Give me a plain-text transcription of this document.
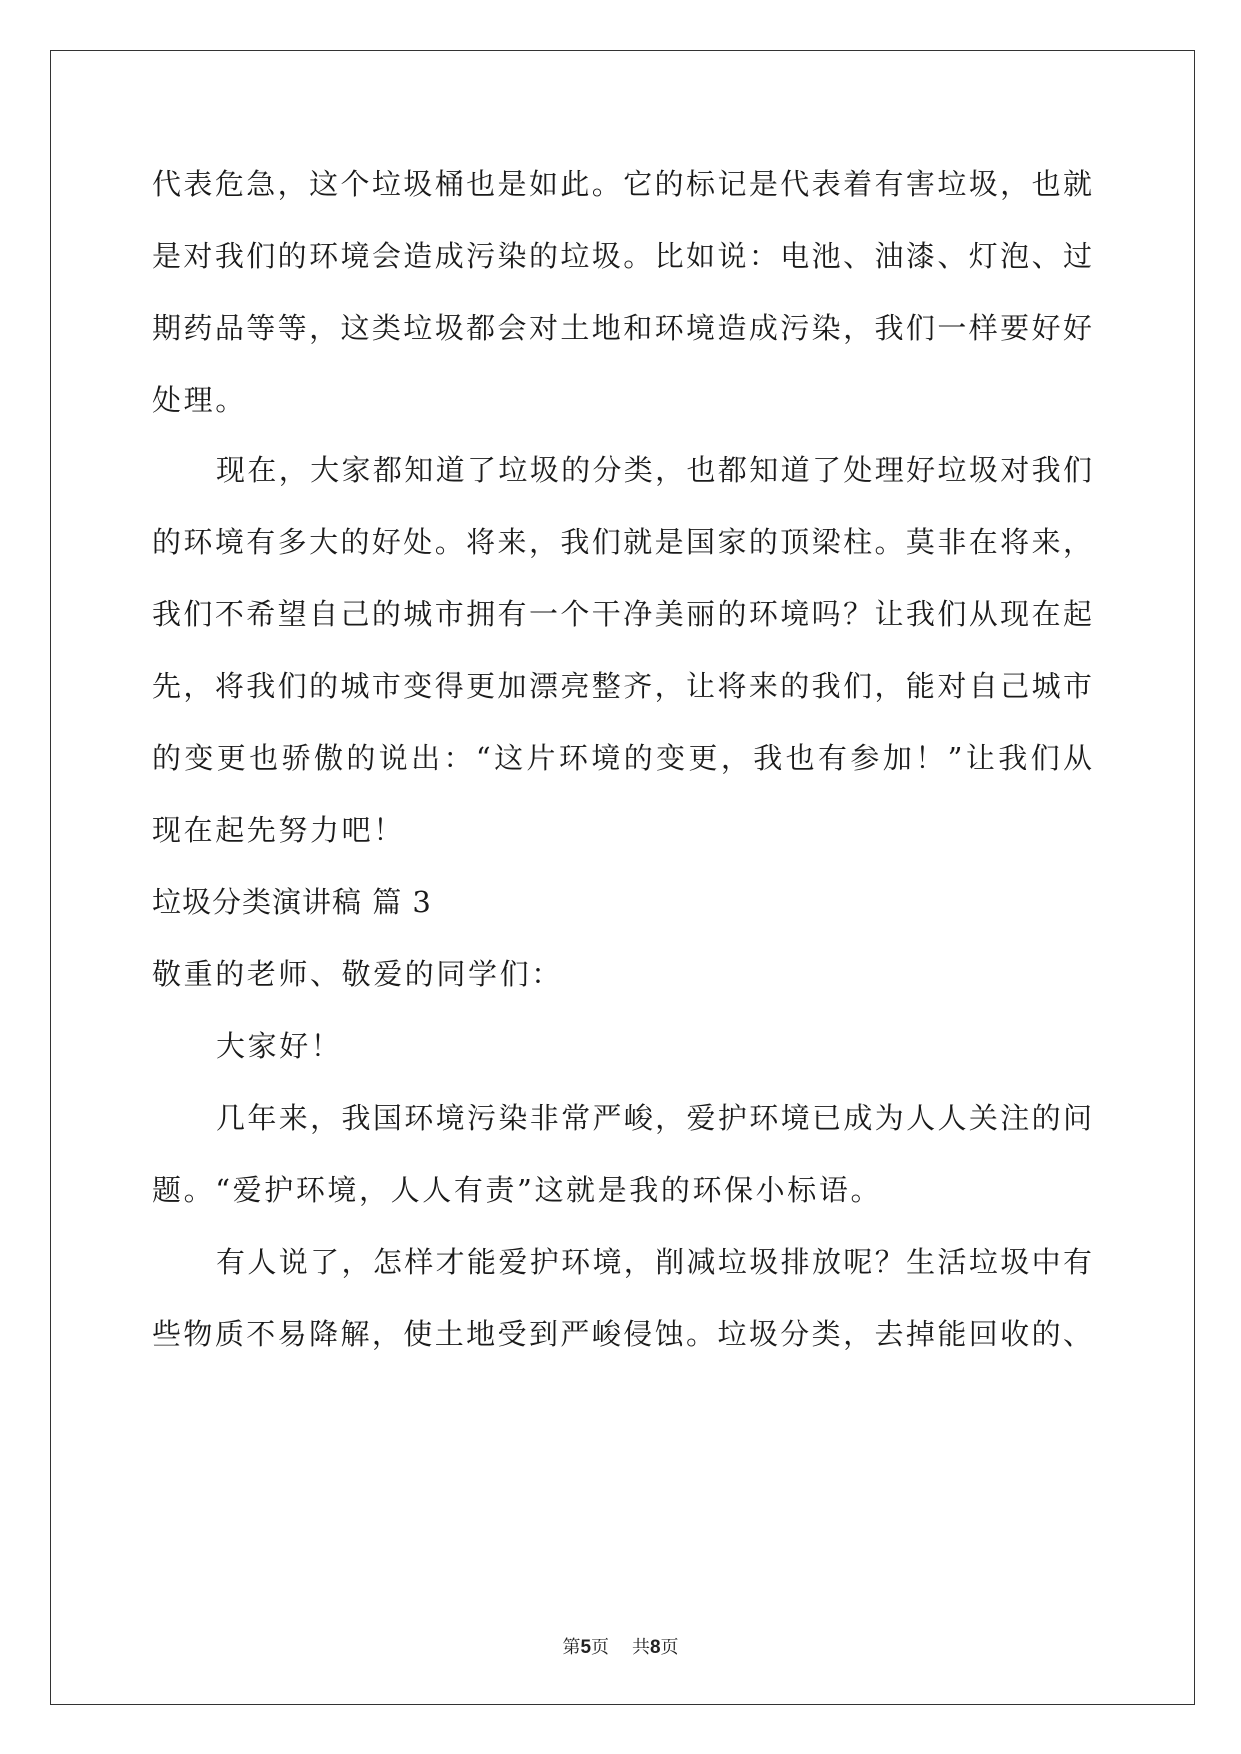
代表危急，这个垃圾桶也是如此。它的标记是代表着有害垃圾，也就
是对我们的环境会造成污染的垃圾。比如说：电池、油漆、灯泡、过
期药品等等，这类垃圾都会对土地和环境造成污染，我们一样要好好
处理。
现在，大家都知道了垃圾的分类，也都知道了处理好垃圾对我们
的环境有多大的好处。将来，我们就是国家的顶梁柱。莫非在将来，
我们不希望自己的城市拥有一个干净美丽的环境吗？让我们从现在起
先，将我们的城市变得更加漂亮整齐，让将来的我们，能对自己城市
的变更也骄傲的说出：“这片环境的变更，我也有参加！”让我们从
现在起先努力吧！
垃圾分类演讲稿 篇 3
敬重的老师、敬爱的同学们：
大家好！
几年来，我国环境污染非常严峻，爱护环境已成为人人关注的问
题。“爱护环境，人人有责”这就是我的环保小标语。
有人说了，怎样才能爱护环境，削减垃圾排放呢？生活垃圾中有
些物质不易降解，使土地受到严峻侵蚀。垃圾分类，去掉能回收的、
第5页 共8页
